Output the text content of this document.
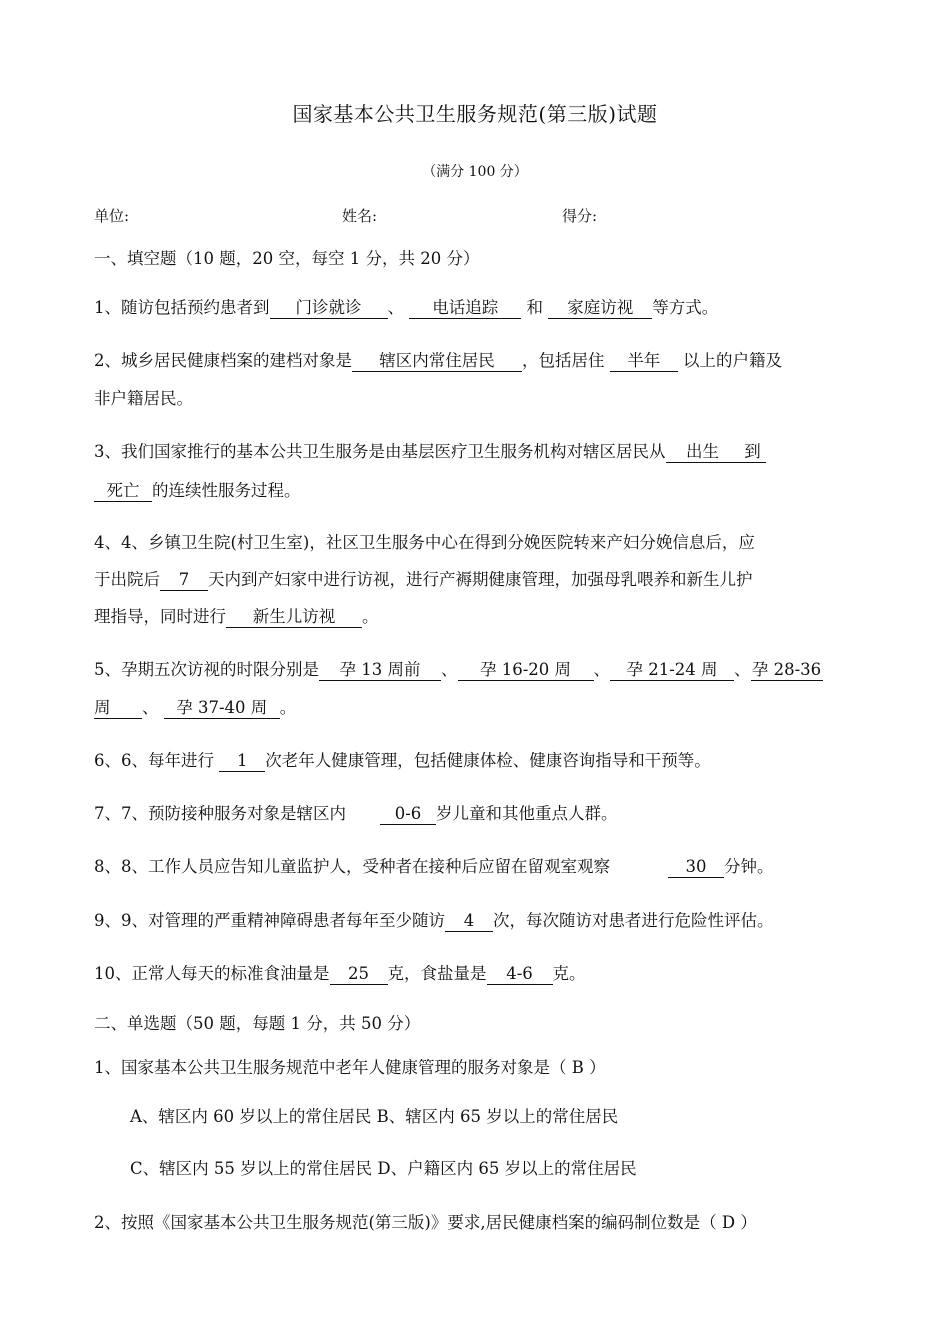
国家基本公共卫生服务规范(第三版)试题
（满分 100 分）
单位:	姓名:	得分:
一、填空题（10 题，20 空，每空 1 分，共 20 分）
1、随访包括预约患者到 门诊就诊 、 电话追踪 和 家庭访视 等方式。
2、城乡居民健康档案的建档对象是 辖区内常住居民 ，包括居住 半年 以上的户籍及
非户籍居民。
3、我们国家推行的基本公共卫生服务是由基层医疗卫生服务机构对辖区居民从 出生 到
死亡 的连续性服务过程。
4、4、乡镇卫生院(村卫生室)，社区卫生服务中心在得到分娩医院转来产妇分娩信息后，应
于出院后 7 天内到产妇家中进行访视，进行产褥期健康管理，加强母乳喂养和新生儿护
理指导，同时进行 新生儿访视 。
5、孕期五次访视的时限分别是 孕 13 周前 、 孕 16-20 周 、 孕 21-24 周 、孕 28-36
周 、 孕 37-40 周 。
6、6、每年进行 1 次老年人健康管理，包括健康体检、健康咨询指导和干预等。
7、7、预防接种服务对象是辖区内	0-6 岁儿童和其他重点人群。
8、8、工作人员应告知儿童监护人，受种者在接种后应留在留观室观察	30 分钟。
9、9、对管理的严重精神障碍患者每年至少随访 4 次，每次随访对患者进行危险性评估。
10、正常人每天的标准食油量是 25 克，食盐量是 4-6 克。
二、单选题（50 题，每题 1 分，共 50 分）
1、国家基本公共卫生服务规范中老年人健康管理的服务对象是（ B ）
A、辖区内 60 岁以上的常住居民 B、辖区内 65 岁以上的常住居民
C、辖区内 55 岁以上的常住居民 D、户籍区内 65 岁以上的常住居民
2、按照《国家基本公共卫生服务规范(第三版)》要求,居民健康档案的编码制位数是（ D ）
